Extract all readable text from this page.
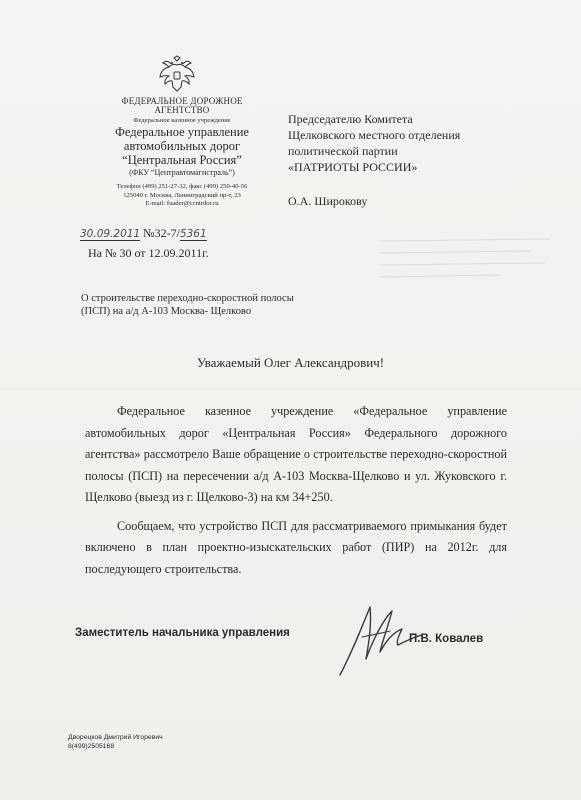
ФЕДЕРАЛЬНОЕ ДОРОЖНОЕ АГЕНТСТВО
Федеральное казенное учреждение
Федеральное управление автомобильных дорог “Центральная Россия”
(ФКУ “Центравтомагистраль”)
Телефон (499) 251-27-32, факс (499) 250-40-56
125040 г. Москва, Ленинградский пр-т, 23
E-mail: fuader@ccntrdor.ru
Председателю Комитета
Щелковского местного отделения
политической партии
«ПАТРИОТЫ РОССИИ»
О.А. Широкову
30.09.2011 №32-7/5361
На № 30 от 12.09.2011г.
О строительстве переходно-скоростной полосы
(ПСП) на а/д А-103 Москва- Щелково
Уважаемый Олег Александрович!

Федеральное казенное учреждение «Федеральное управление автомобильных дорог «Центральная Россия» Федерального дорожного агентства» рассмотрело Ваше обращение о строительстве переходно-скоростной полосы (ПСП) на пересечении а/д А-103 Москва-Щелково и ул. Жуковского г. Щелково (выезд из г. Щелково-3) на км 34+250.

Сообщаем, что устройство ПСП для рассматриваемого примыкания будет включено в план проектно-изыскательских работ (ПИР) на 2012г. для последующего строительства.

Заместитель начальника управления	П.В. Ковалев
Дворецков Дмитрий Игоревич
8(499)2505168
